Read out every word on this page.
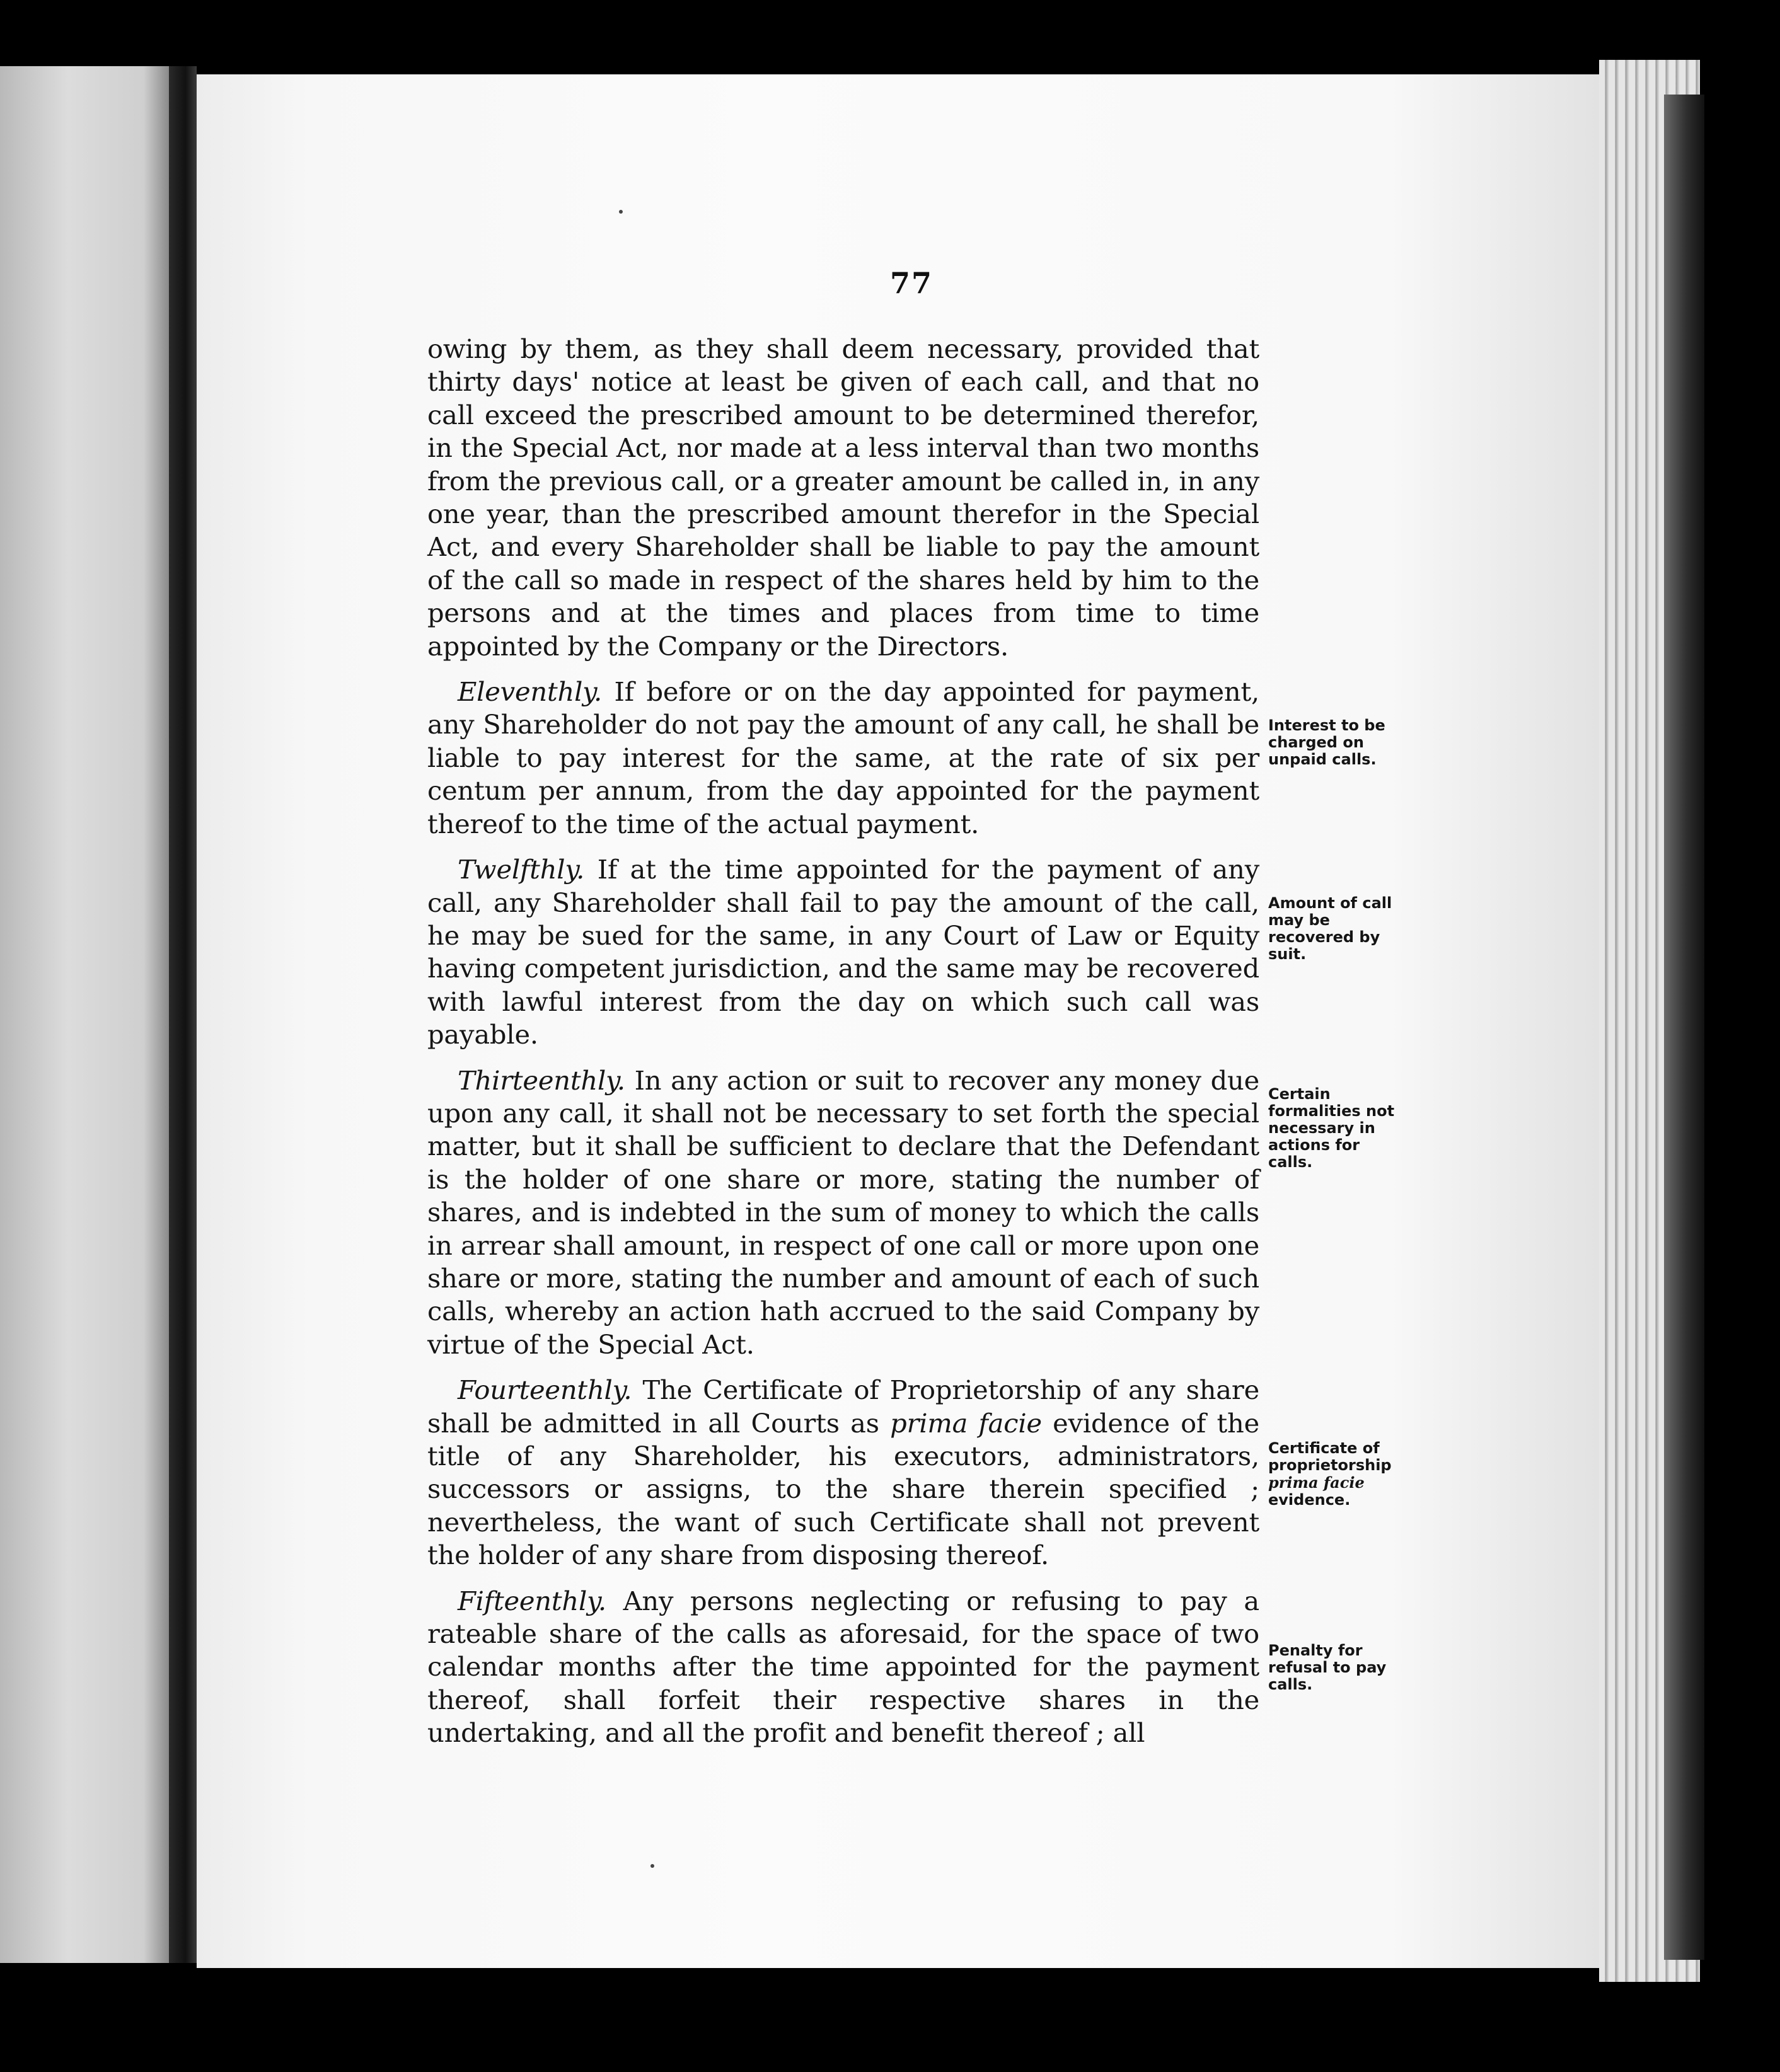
77

owing by them, as they shall deem necessary, provided that thirty days' notice at least be given of each call, and that no call exceed the prescribed amount to be determined therefor, in the Special Act, nor made at a less interval than two months from the previous call, or a greater amount be called in, in any one year, than the prescribed amount therefor in the Special Act, and every Shareholder shall be liable to pay the amount of the call so made in respect of the shares held by him to the persons and at the times and places from time to time appointed by the Company or the Directors.

Eleventhly. If before or on the day appointed for payment, any Shareholder do not pay the amount of any call, he shall be liable to pay interest for the same, at the rate of six per centum per annum, from the day appointed for the payment thereof to the time of the actual payment.

Twelfthly. If at the time appointed for the payment of any call, any Shareholder shall fail to pay the amount of the call, he may be sued for the same, in any Court of Law or Equity having competent jurisdiction, and the same may be recovered with lawful interest from the day on which such call was payable.

Thirteenthly. In any action or suit to recover any money due upon any call, it shall not be necessary to set forth the special matter, but it shall be sufficient to declare that the Defendant is the holder of one share or more, stating the number of shares, and is indebted in the sum of money to which the calls in arrear shall amount, in respect of one call or more upon one share or more, stating the number and amount of each of such calls, whereby an action hath accrued to the said Company by virtue of the Special Act.

Fourteenthly. The Certificate of Proprietorship of any share shall be admitted in all Courts as prima facie evidence of the title of any Shareholder, his executors, administrators, successors or assigns, to the share therein specified ; nevertheless, the want of such Certificate shall not prevent the holder of any share from disposing thereof.

Fifteenthly. Any persons neglecting or refusing to pay a rateable share of the calls as aforesaid, for the space of two calendar months after the time appointed for the payment thereof, shall forfeit their respective shares in the undertaking, and all the profit and benefit thereof ; all

Interest to be charged on unpaid calls.
Amount of call may be recovered by suit.
Certain formalities not necessary in actions for calls.
Certificate of proprietorship prima facie evidence.
Penalty for refusal to pay calls.
